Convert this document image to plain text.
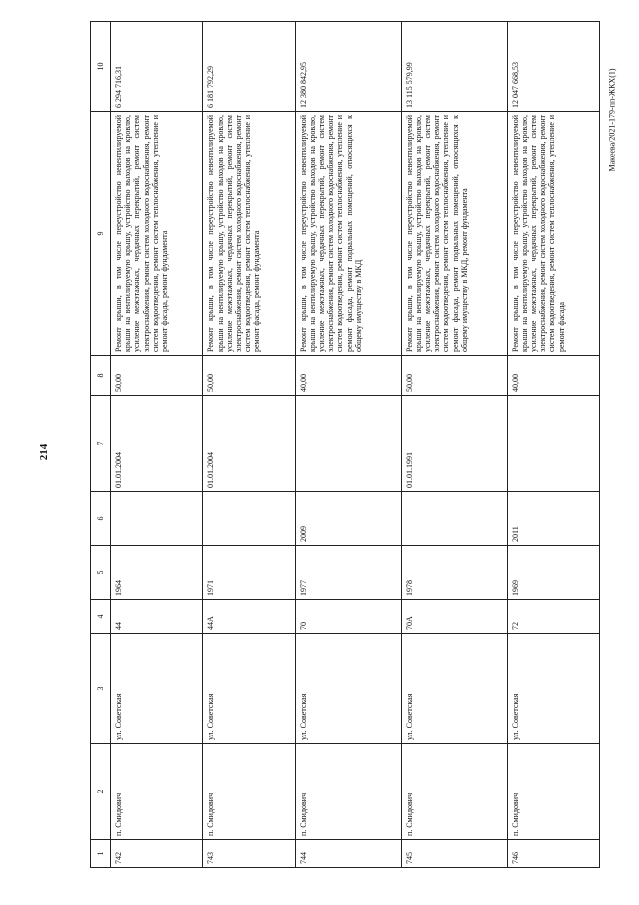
214
Макеева/2021-179-пп-ЖКХ(1)
1	2	3	4	5	6	7	8	9	10
742	п. Смидович	ул. Советская	44	1964		01.01.2004	50,00	Ремонт крыши, в том числе переустройство невентилируемой крыши на вентилируемую крышу, устройство выходов на кровлю, усиление межэтажных, чердачных перекрытий, ремонт систем электроснабжения, ремонт систем холодного водоснабжения, ремонт систем водоотведения, ремонт систем теплоснабжения, утепление и ремонт фасада, ремонт фундамента	6 294 716,31
743	п. Смидович	ул. Советская	44А	1971		01.01.2004	50,00	Ремонт крыши, в том числе переустройство невентилируемой крыши на вентилируемую крышу, устройство выходов на кровлю, усиление межэтажных, чердачных перекрытий, ремонт систем электроснабжения, ремонт систем холодного водоснабжения, ремонт систем водоотведения, ремонт систем теплоснабжения, утепление и ремонт фасада, ремонт фундамента	6 181 792,29
744	п. Смидович	ул. Советская	70	1977	2009		40,00	Ремонт крыши, в том числе переустройство невентилируемой крыши на вентилируемую крышу, устройство выходов на кровлю, усиление межэтажных, чердачных перекрытий, ремонт систем электроснабжения, ремонт систем холодного водоснабжения, ремонт систем водоотведения, ремонт систем теплоснабжения, утепление и ремонт фасада, ремонт подвальных помещений, относящихся к общему имуществу в МКД	12 380 842,95
745	п. Смидович	ул. Советская	70А	1978		01.01.1991	50,00	Ремонт крыши, в том числе переустройство невентилируемой крыши на вентилируемую крышу, устройство выходов на кровлю, усиление межэтажных, чердачных перекрытий, ремонт систем электроснабжения, ремонт систем холодного водоснабжения, ремонт систем водоотведения, ремонт систем теплоснабжения, утепление и ремонт фасада, ремонт подвальных помещений, относящихся к общему имуществу в МКД, ремонт фундамента	13 115 579,99
746	п. Смидович	ул. Советская	72	1969	2011		40,00	Ремонт крыши, в том числе переустройство невентилируемой крыши на вентилируемую крышу, устройство выходов на кровлю, усиление межэтажных, чердачных перекрытий, ремонт систем электроснабжения, ремонт систем холодного водоснабжения, ремонт систем водоотведения, ремонт систем теплоснабжения, утепление и ремонт фасада	12 047 668,53
